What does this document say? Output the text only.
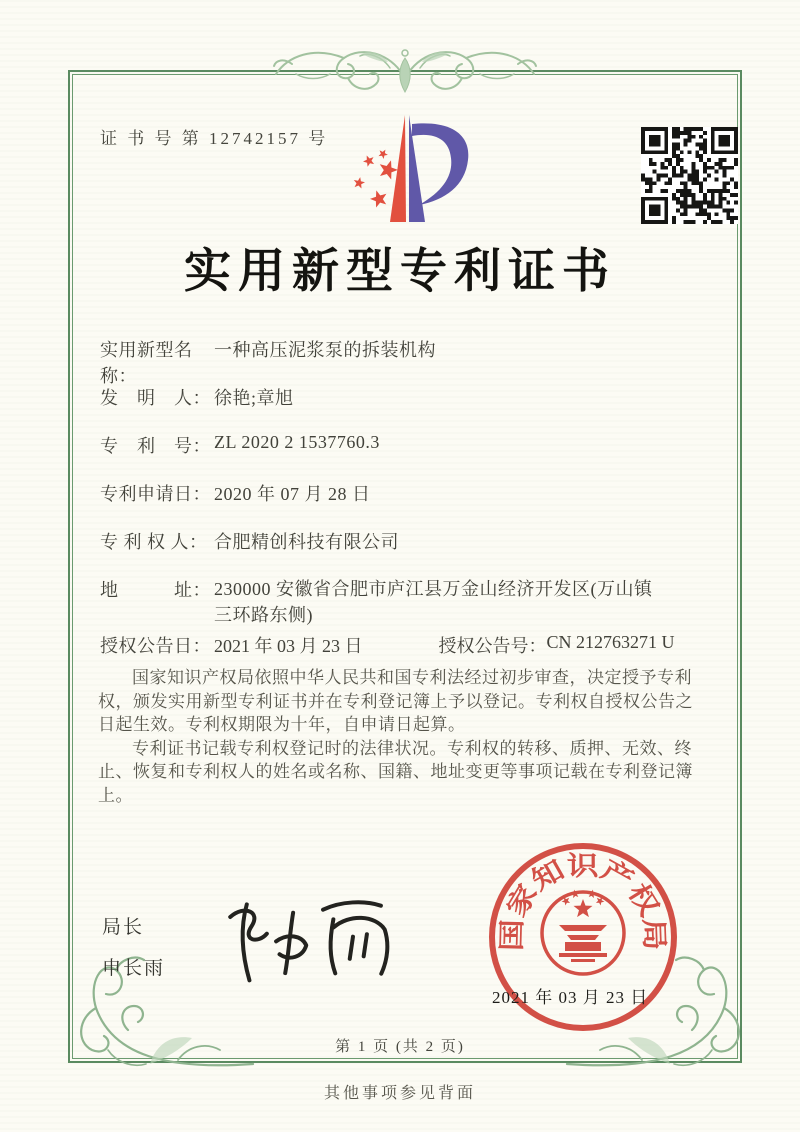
证 书 号 第 12742157 号
实用新型专利证书
实用新型名称：
一种高压泥浆泵的拆装机构
发　明　人： 徐艳;章旭
专　利　号： ZL 2020 2 1537760.3
专利申请日： 2020 年 07 月 28 日
专 利 权 人： 合肥精创科技有限公司
地　　　址： 230000 安徽省合肥市庐江县万金山经济开发区(万山镇三环路东侧)
授权公告日： 2021 年 03 月 23 日	授权公告号： CN 212763271 U

国家知识产权局依照中华人民共和国专利法经过初步审查，决定授予专利权，颁发实用新型专利证书并在专利登记簿上予以登记。专利权自授权公告之日起生效。专利权期限为十年，自申请日起算。

专利证书记载专利权登记时的法律状况。专利权的转移、质押、无效、终止、恢复和专利权人的姓名或名称、国籍、地址变更等事项记载在专利登记簿上。

局长
申长雨
国家知识产权局
2021 年 03 月 23 日
第 1 页 (共 2 页)
其他事项参见背面
